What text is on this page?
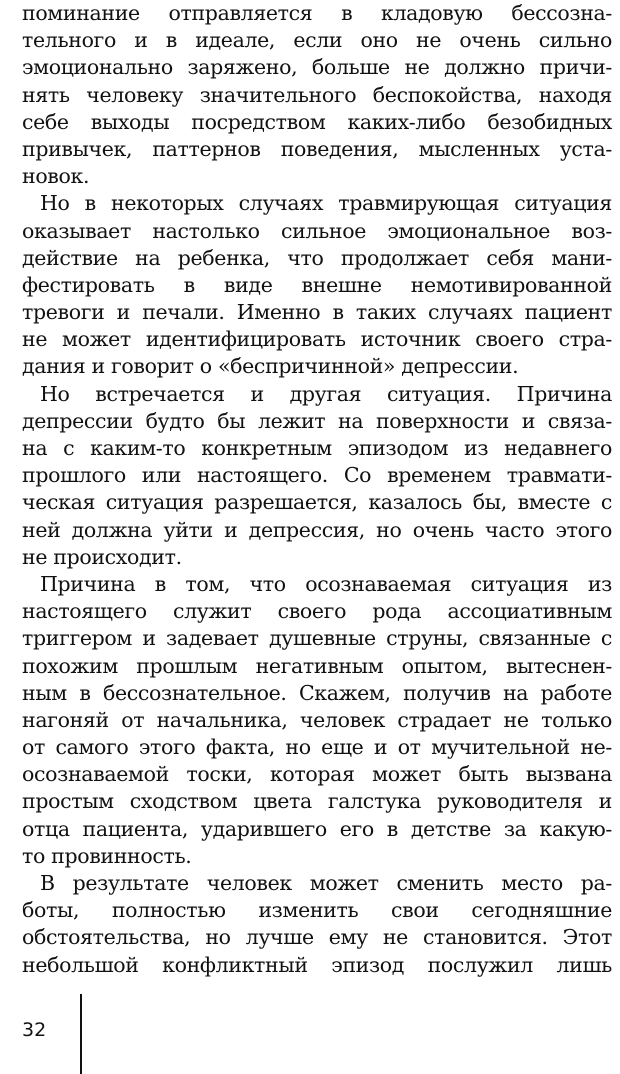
поминание отправляется в кладовую бессозна-
тельного и в идеале, если оно не очень сильно
эмоционально заряжено, больше не должно причи-
нять человеку значительного беспокойства, находя
себе выходы посредством каких-либо безобидных
привычек, паттернов поведения, мысленных уста-
новок.
Но в некоторых случаях травмирующая ситуация
оказывает настолько сильное эмоциональное воз-
действие на ребенка, что продолжает себя мани-
фестировать в виде внешне немотивированной
тревоги и печали. Именно в таких случаях пациент
не может идентифицировать источник своего стра-
дания и говорит о «беспричинной» депрессии.
Но встречается и другая ситуация. Причина
депрессии будто бы лежит на поверхности и связа-
на с каким-то конкретным эпизодом из недавнего
прошлого или настоящего. Со временем травмати-
ческая ситуация разрешается, казалось бы, вместе с
ней должна уйти и депрессия, но очень часто этого
не происходит.
Причина в том, что осознаваемая ситуация из
настоящего служит своего рода ассоциативным
триггером и задевает душевные струны, связанные с
похожим прошлым негативным опытом, вытеснен-
ным в бессознательное. Скажем, получив на работе
нагоняй от начальника, человек страдает не только
от самого этого факта, но еще и от мучительной не-
осознаваемой тоски, которая может быть вызвана
простым сходством цвета галстука руководителя и
отца пациента, ударившего его в детстве за какую-
то провинность.
В результате человек может сменить место ра-
боты, полностью изменить свои сегодняшние
обстоятельства, но лучше ему не становится. Этот
небольшой конфликтный эпизод послужил лишь
32
